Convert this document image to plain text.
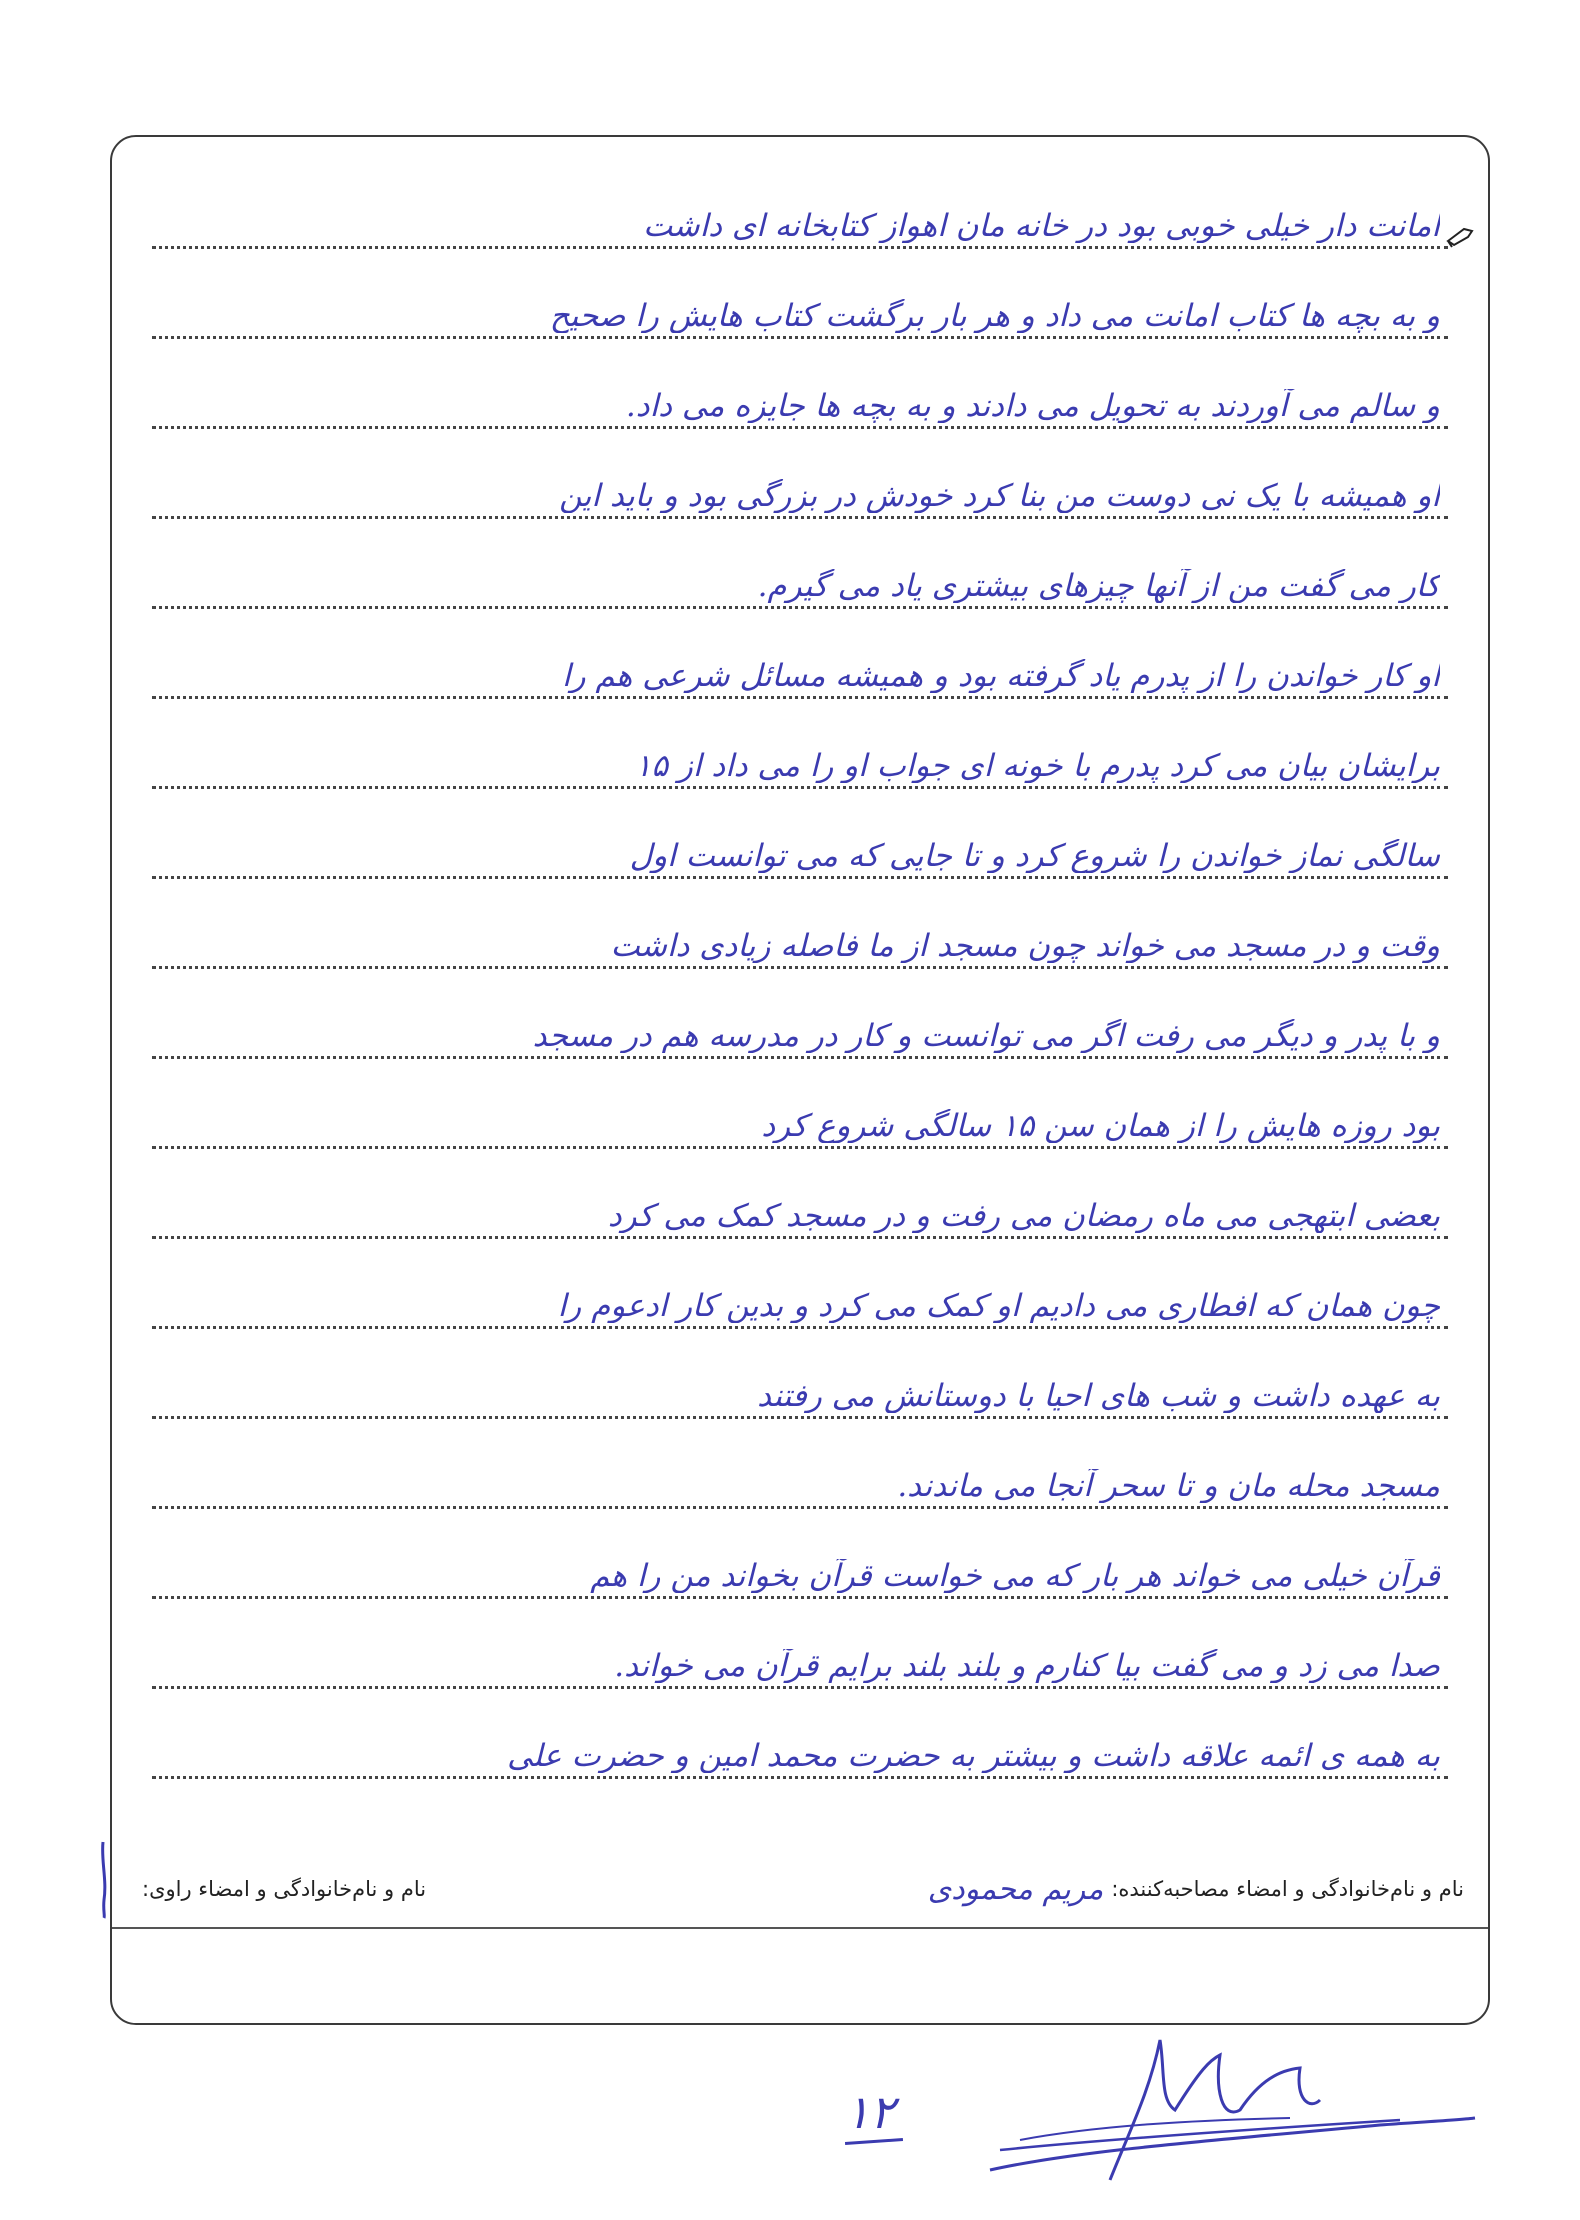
امانت دار خیلی خوبی بود در خانه مان اهواز کتابخانه ای داشت
و به بچه ها کتاب امانت می داد و هر بار برگشت کتاب هایش را صحیح
و سالم می آوردند به تحویل می دادند و به بچه ها جایزه می داد.
او همیشه با یک نی دوست من بنا کرد خودش در بزرگی بود و باید این
کار می گفت من از آنها چیزهای بیشتری یاد می گیرم.
او کار خواندن را از پدرم یاد گرفته بود و همیشه مسائل شرعی هم را
برایشان بیان می کرد پدرم با خونه ای جواب او را می داد از ۱۵
سالگی نماز خواندن را شروع کرد و تا جایی که می توانست اول
وقت و در مسجد می خواند چون مسجد از ما فاصله زیادی داشت
و با پدر و دیگر می رفت اگر می توانست و کار در مدرسه هم در مسجد
بود روزه هایش را از همان سن ۱۵ سالگی شروع کرد
بعضی ابتهجی می ماه رمضان می رفت و در مسجد کمک می کرد
چون همان که افطاری می دادیم او کمک می کرد و بدین کار ادعوم را
به عهده داشت و شب های احیا با دوستانش می رفتند
مسجد محله مان و تا سحر آنجا می ماندند.
قرآن خیلی می خواند هر بار که می خواست قرآن بخواند من را هم
صدا می زد و می گفت بیا کنارم و بلند بلند برایم قرآن می خواند.
به همه ی ائمه علاقه داشت و بیشتر به حضرت محمد امین و حضرت علی
نام و نام‌خانوادگی و امضاء مصاحبه‌کننده:
مریم محمودی
نام و نام‌خانوادگی و امضاء راوی:
۱۲
